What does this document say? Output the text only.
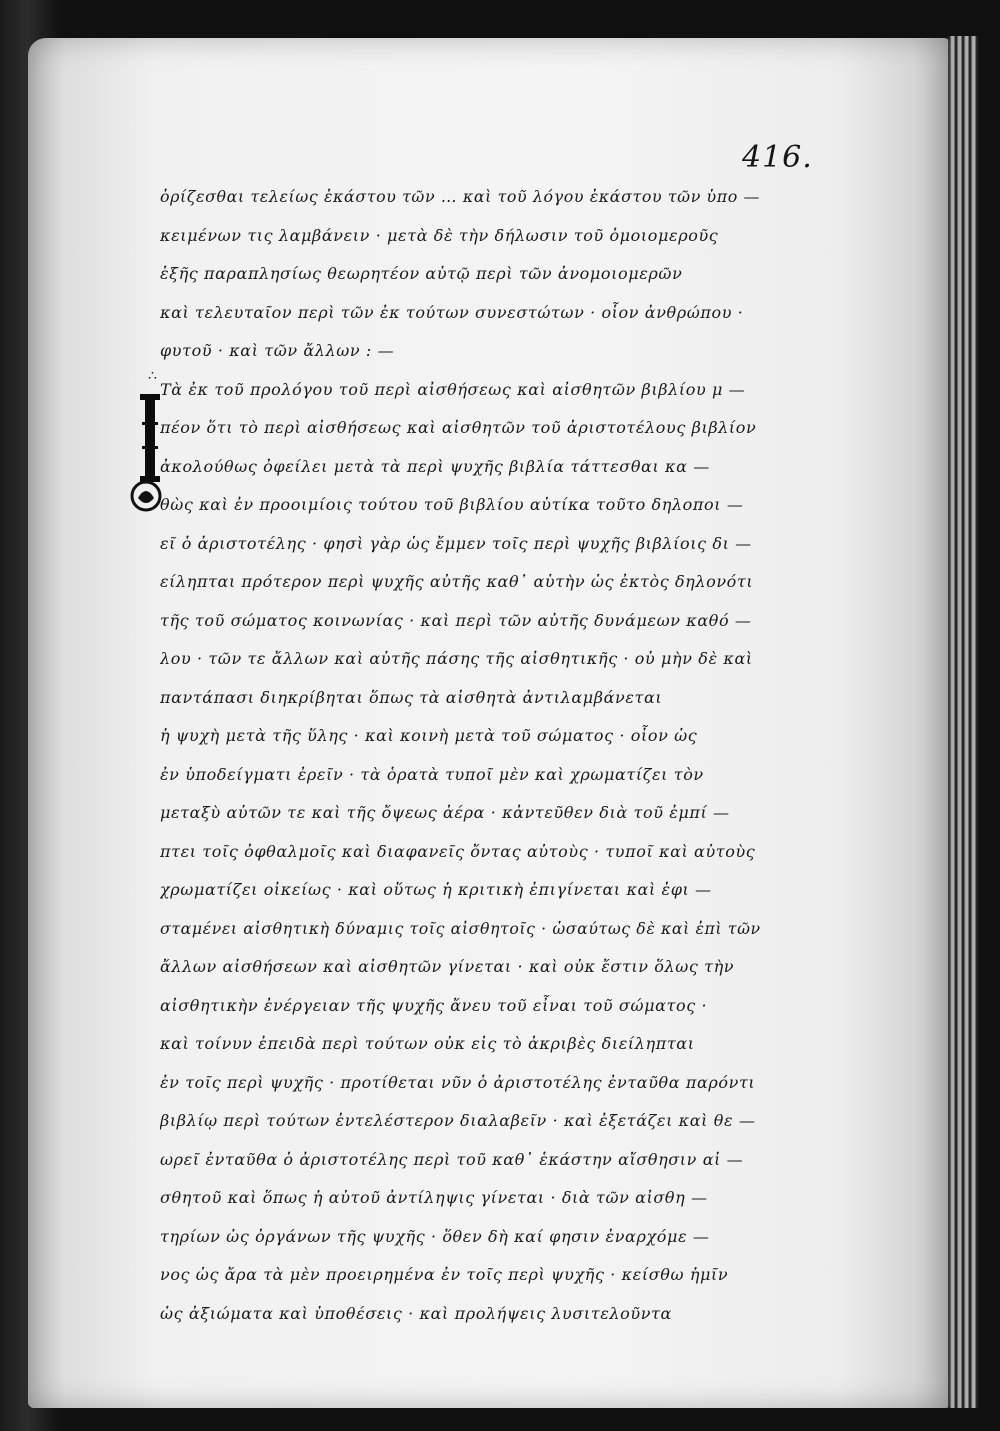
416.
∴
ὁρίζεσθαι τελείως ἑκάστου τῶν … καὶ τοῦ λόγου ἑκάστου τῶν ὑπο —
κειμένων τις λαμβάνειν · μετὰ δὲ τὴν δήλωσιν τοῦ ὁμοιομεροῦς
ἑξῆς παραπλησίως θεωρητέον αὐτῷ περὶ τῶν ἀνομοιομερῶν
καὶ τελευταῖον περὶ τῶν ἐκ τούτων συνεστώτων · οἷον ἀνθρώπου ·
φυτοῦ · καὶ τῶν ἄλλων : —
Τὰ ἐκ τοῦ προλόγου τοῦ περὶ αἰσθήσεως καὶ αἰσθητῶν βιβλίου μ —
πέον ὅτι τὸ περὶ αἰσθήσεως καὶ αἰσθητῶν τοῦ ἀριστοτέλους βιβλίον
ἀκολούθως ὀφείλει μετὰ τὰ περὶ ψυχῆς βιβλία τάττεσθαι κα —
θὼς καὶ ἐν προοιμίοις τούτου τοῦ βιβλίου αὐτίκα τοῦτο δηλοποι —
εῖ ὁ ἀριστοτέλης · φησὶ γὰρ ὡς ἔμμεν τοῖς περὶ ψυχῆς βιβλίοις δι —
είληπται πρότερον περὶ ψυχῆς αὐτῆς καθ᾽ αὑτὴν ὡς ἐκτὸς δηλονότι
τῆς τοῦ σώματος κοινωνίας · καὶ περὶ τῶν αὐτῆς δυνάμεων καθό —
λου · τῶν τε ἄλλων καὶ αὐτῆς πάσης τῆς αἰσθητικῆς · οὐ μὴν δὲ καὶ
παντάπασι διηκρίβηται ὅπως τὰ αἰσθητὰ ἀντιλαμβάνεται
ἡ ψυχὴ μετὰ τῆς ὕλης · καὶ κοινὴ μετὰ τοῦ σώματος · οἷον ὡς
ἐν ὑποδείγματι ἐρεῖν · τὰ ὁρατὰ τυποῖ μὲν καὶ χρωματίζει τὸν
μεταξὺ αὐτῶν τε καὶ τῆς ὄψεως ἀέρα · κἀντεῦθεν διὰ τοῦ ἐμπί —
πτει τοῖς ὀφθαλμοῖς καὶ διαφανεῖς ὄντας αὐτοὺς · τυποῖ καὶ αὐτοὺς
χρωματίζει οἰκείως · καὶ οὕτως ἡ κριτικὴ ἐπιγίνεται καὶ ἐφι —
σταμένει αἰσθητικὴ δύναμις τοῖς αἰσθητοῖς · ὡσαύτως δὲ καὶ ἐπὶ τῶν
ἄλλων αἰσθήσεων καὶ αἰσθητῶν γίνεται · καὶ οὐκ ἔστιν ὅλως τὴν
αἰσθητικὴν ἐνέργειαν τῆς ψυχῆς ἄνευ τοῦ εἶναι τοῦ σώματος ·
καὶ τοίνυν ἐπειδὰ περὶ τούτων οὐκ εἰς τὸ ἀκριβὲς διείληπται
ἐν τοῖς περὶ ψυχῆς · προτίθεται νῦν ὁ ἀριστοτέλης ἐνταῦθα παρόντι
βιβλίῳ περὶ τούτων ἐντελέστερον διαλαβεῖν · καὶ ἐξετάζει καὶ θε —
ωρεῖ ἐνταῦθα ὁ ἀριστοτέλης περὶ τοῦ καθ᾽ ἑκάστην αἴσθησιν αἰ —
σθητοῦ καὶ ὅπως ἡ αὐτοῦ ἀντίληψις γίνεται · διὰ τῶν αἰσθη —
τηρίων ὡς ὀργάνων τῆς ψυχῆς · ὅθεν δὴ καί φησιν ἐναρχόμε —
νος ὡς ἄρα τὰ μὲν προειρημένα ἐν τοῖς περὶ ψυχῆς · κείσθω ἡμῖν
ὡς ἀξιώματα καὶ ὑποθέσεις · καὶ προλήψεις λυσιτελοῦντα
